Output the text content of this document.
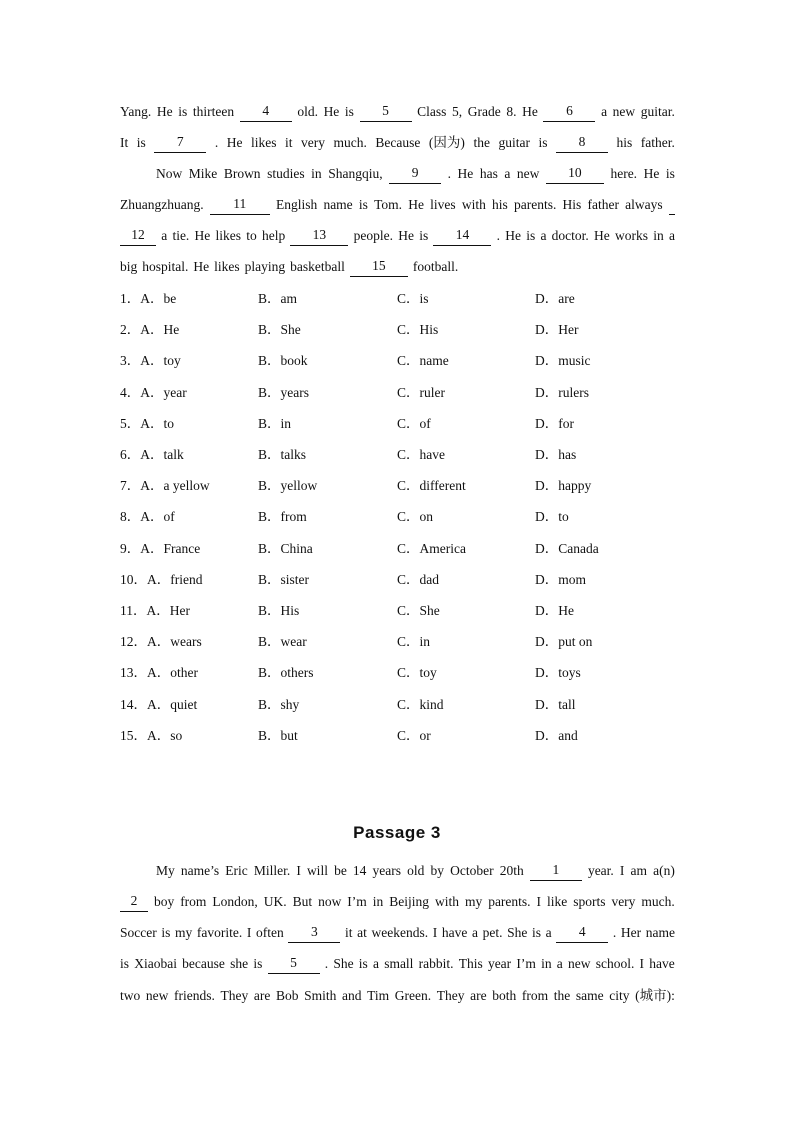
Yang. He is thirteen	4	old. He is	5	Class 5, Grade 8. He	6	a new guitar.
It is	7	. He likes it very much. Because (因为) the guitar is	8	his father.
Now Mike Brown studies in Shangqiu,	9	. He has a new	10	here. He is
Zhuangzhuang.	11	English name is Tom. He lives with his parents. His father always
12	a tie. He likes to help	13	people. He is	14	. He is a doctor. He works in a
big hospital. He likes playing basketball	15	football.
1．A．be	B．am	C．is	D．are
2．A．He	B．She	C．His	D．Her
3．A．toy	B．book	C．name	D．music
4．A．year	B．years	C．ruler	D．rulers
5．A．to	B．in	C．of	D．for
6．A．talk	B．talks	C．have	D．has
7．A．a yellow	B．yellow	C．different	D．happy
8．A．of	B．from	C．on	D．to
9．A．France	B．China	C．America	D．Canada
10．A．friend	B．sister	C．dad	D．mom
11．A．Her	B．His	C．She	D．He
12．A．wears	B．wear	C．in	D．put on
13．A．other	B．others	C．toy	D．toys
14．A．quiet	B．shy	C．kind	D．tall
15．A．so	B．but	C．or	D．and
Passage 3
My name’s Eric Miller. I will be 14 years old by October 20th	1	year. I am a(n)
2	boy from London, UK. But now I’m in Beijing with my parents. I like sports very much.
Soccer is my favorite. I often	3	it at weekends. I have a pet. She is a	4	. Her name
is Xiaobai because she is	5	. She is a small rabbit. This year I’m in a new school. I have
two new friends. They are Bob Smith and Tim Green. They are both from the same city (城市):
